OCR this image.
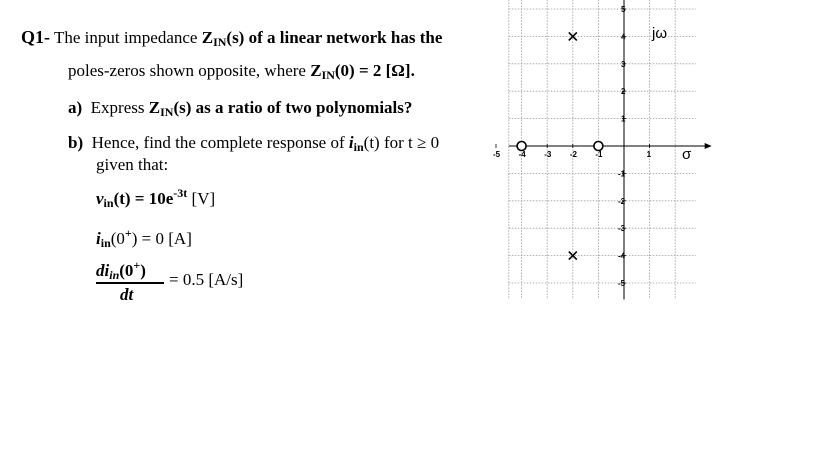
Q1- The input impedance $Z_{IN}(s)$ of a linear network has the
poles-zeros shown opposite, where $Z_{IN}(0) = 2$ [Ω].
a) Express $Z_{IN}(s)$ as a ratio of two polynomials?
b) Hence, find the complete response of $i_{in}(t)$ for t ≥ 0
given that:
$v_{in}(t) = 10e^{-3t}$ [V]
$i_{in}(0^+) = 0$ [A]
$di_{in}(0^+)$
dt
= 0.5 [A/s]
-5 -4 -3 -2 -1	1
5
4
3
2
1
-1
-2
-3
-4
-5
jω
σ
